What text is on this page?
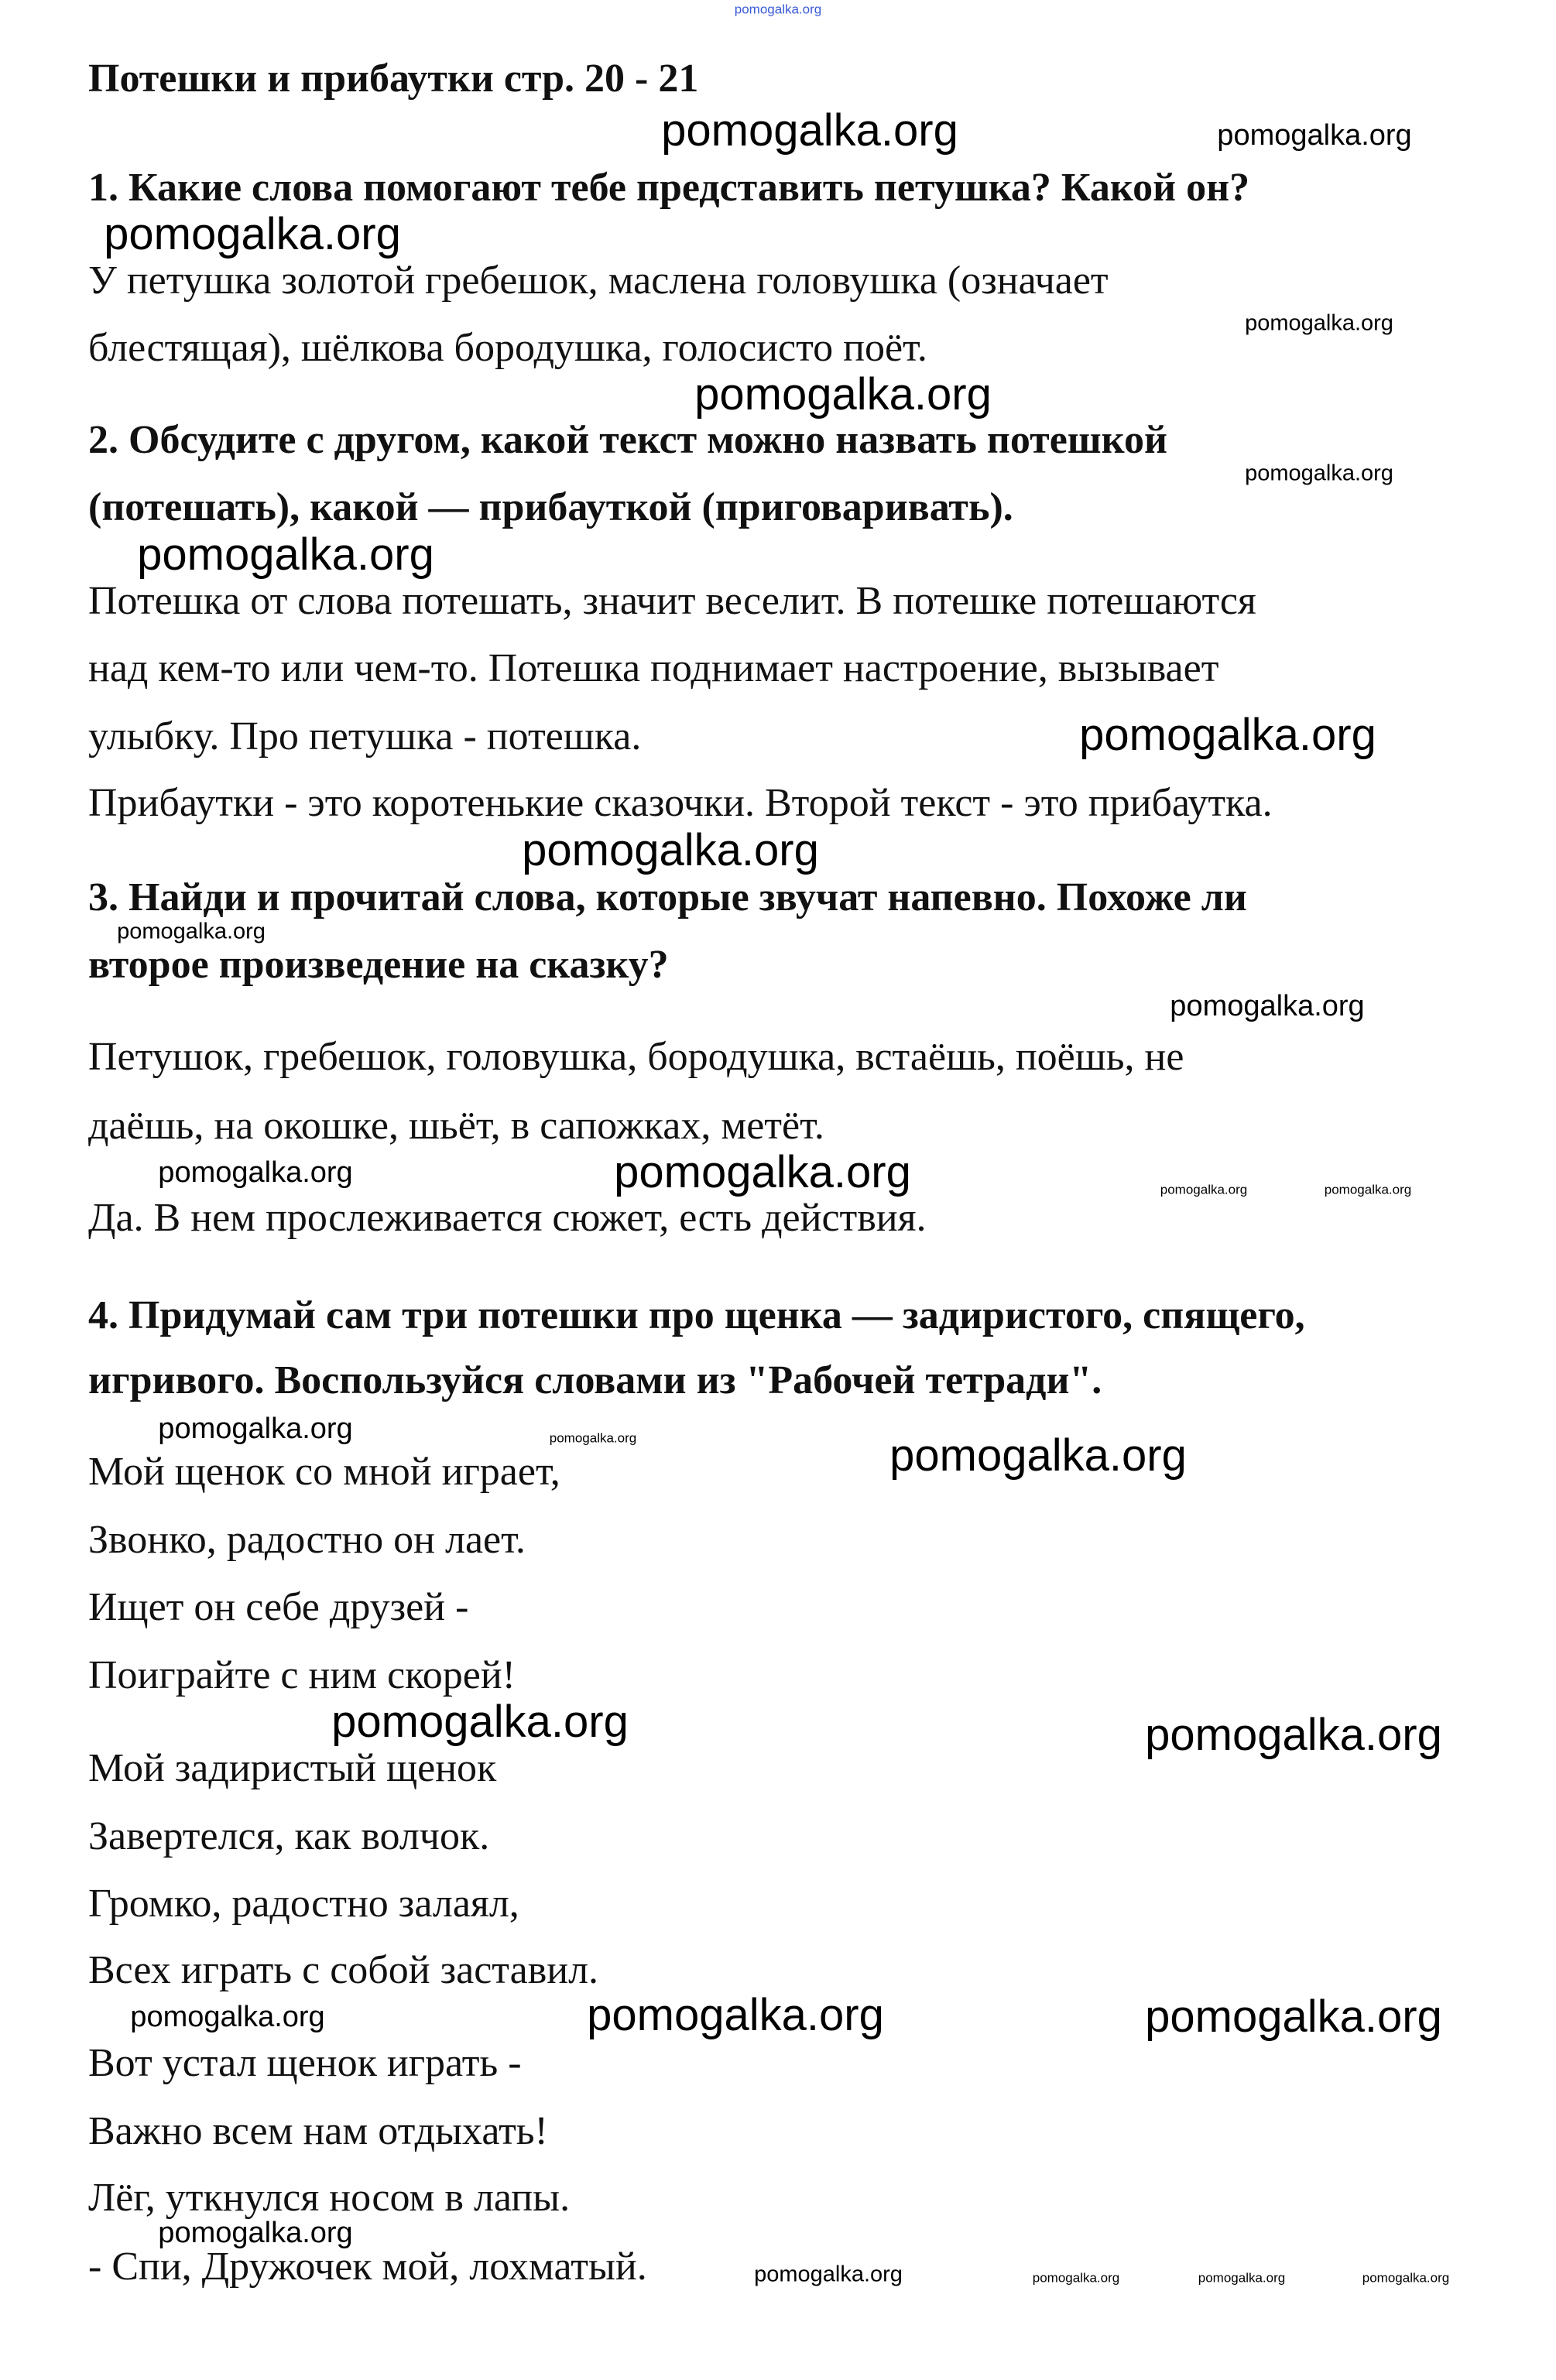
Потешки и прибаутки стр. 20 - 21
1. Какие слова помогают тебе представить петушка? Какой он?
У петушка золотой гребешок, маслена головушка (означает
блестящая), шёлкова бородушка, голосисто поёт.
2. Обсудите с другом, какой текст можно назвать потешкой
(потешать), какой — прибауткой (приговаривать).
Потешка от слова потешать, значит веселит. В потешке потешаются
над кем-то или чем-то. Потешка поднимает настроение, вызывает
улыбку. Про петушка - потешка.
Прибаутки - это коротенькие сказочки. Второй текст - это прибаутка.
3. Найди и прочитай слова, которые звучат напевно. Похоже ли
второе произведение на сказку?
Петушок, гребешок, головушка, бородушка, встаёшь, поёшь, не
даёшь, на окошке, шьёт, в сапожках, метёт.
Да. В нем прослеживается сюжет, есть действия.
4. Придумай сам три потешки про щенка — задиристого, спящего,
игривого. Воспользуйся словами из "Рабочей тетради".
Мой щенок со мной играет,
Звонко, радостно он лает.
Ищет он себе друзей -
Поиграйте с ним скорей!
Мой задиристый щенок
Завертелся, как волчок.
Громко, радостно залаял,
Всех играть с собой заставил.
Вот устал щенок играть -
Важно всем нам отдыхать!
Лёг, уткнулся носом в лапы.
- Спи, Дружочек мой, лохматый.
pomogalka.org
pomogalka.org	pomogalka.org
pomogalka.org
pomogalka.org
pomogalka.org
pomogalka.org
pomogalka.org
pomogalka.org
pomogalka.org
pomogalka.org
pomogalka.org
pomogalka.org	pomogalka.org	pomogalka.org	pomogalka.org
pomogalka.org	pomogalka.org	pomogalka.org
pomogalka.org	pomogalka.org
pomogalka.org	pomogalka.org	pomogalka.org
pomogalka.org
pomogalka.org	pomogalka.org	pomogalka.org	pomogalka.org
